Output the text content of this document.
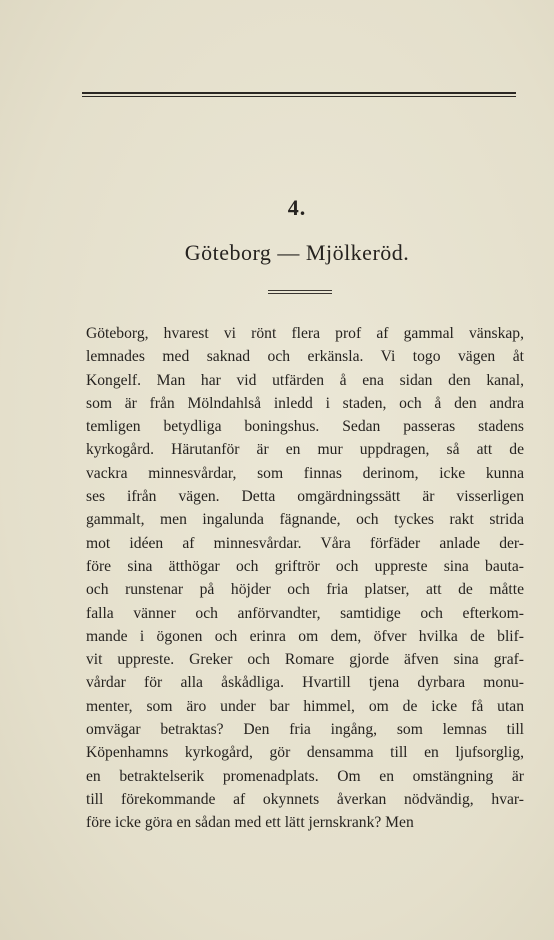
4.
Göteborg — Mjölkeröd.
Göteborg, hvarest vi rönt flera prof af gammal vänskap,
lemnades med saknad och erkänsla. Vi togo vägen åt
Kongelf. Man har vid utfärden å ena sidan den kanal,
som är från Mölndahlså inledd i staden, och å den andra
temligen betydliga boningshus. Sedan passeras stadens
kyrkogård. Härutanför är en mur uppdragen, så att de
vackra minnesvårdar, som finnas derinom, icke kunna
ses ifrån vägen. Detta omgärdningssätt är visserligen
gammalt, men ingalunda fägnande, och tyckes rakt strida
mot idéen af minnesvårdar. Våra förfäder anlade der-
före sina ätthögar och griftrör och uppreste sina bauta-
och runstenar på höjder och fria platser, att de måtte
falla vänner och anförvandter, samtidige och efterkom-
mande i ögonen och erinra om dem, öfver hvilka de blif-
vit uppreste. Greker och Romare gjorde äfven sina graf-
vårdar för alla åskådliga. Hvartill tjena dyrbara monu-
menter, som äro under bar himmel, om de icke få utan
omvägar betraktas? Den fria ingång, som lemnas till
Köpenhamns kyrkogård, gör densamma till en ljufsorglig,
en betraktelserik promenadplats. Om en omstängning är
till förekommande af okynnets åverkan nödvändig, hvar-
före icke göra en sådan med ett lätt jernskrank? Men
